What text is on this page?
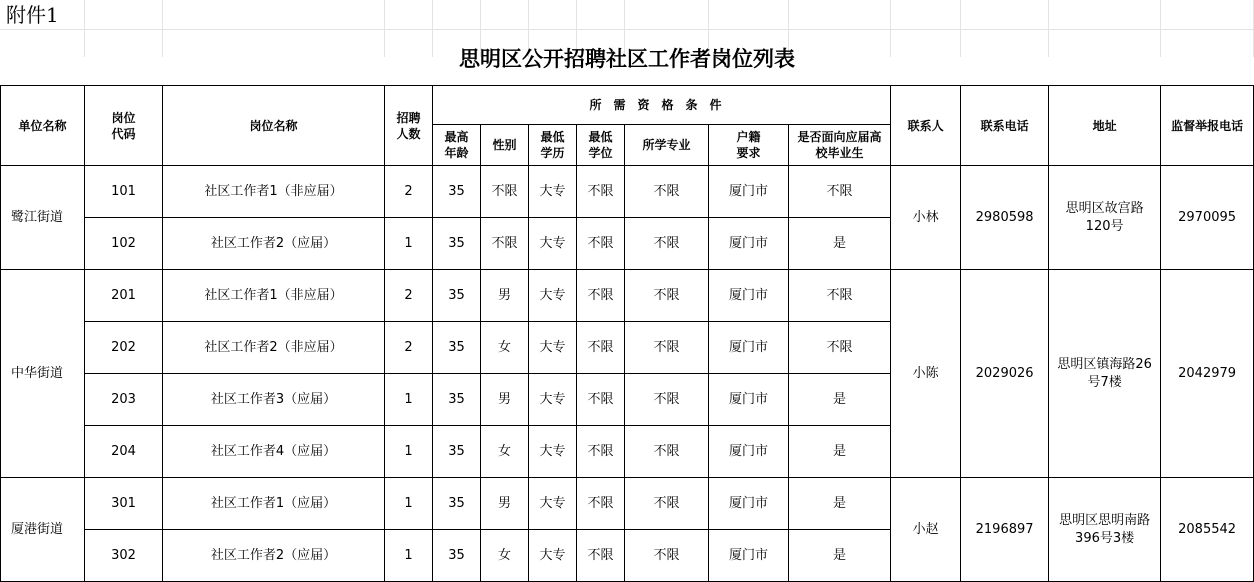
附件1
思明区公开招聘社区工作者岗位列表
单位名称	岗位代码	岗位名称	招聘人数	所需资格条件							联系人	联系电话	地址	监督举报电话
				最高年龄	性别	最低学历	最低学位	所学专业	户籍要求	是否面向应届高校毕业生				
鹭江街道	101	社区工作者1（非应届）	2	35	不限	大专	不限	不限	厦门市	不限	小林	2980598	思明区故宫路120号	2970095
	102	社区工作者2（应届）	1	35	不限	大专	不限	不限	厦门市	是				
中华街道	201	社区工作者1（非应届）	2	35	男	大专	不限	不限	厦门市	不限	小陈	2029026	思明区镇海路26号7楼	2042979
	202	社区工作者2（非应届）	2	35	女	大专	不限	不限	厦门市	不限				
	203	社区工作者3（应届）	1	35	男	大专	不限	不限	厦门市	是				
	204	社区工作者4（应届）	1	35	女	大专	不限	不限	厦门市	是				
厦港街道	301	社区工作者1（应届）	1	35	男	大专	不限	不限	厦门市	是	小赵	2196897	思明区思明南路396号3楼	2085542
	302	社区工作者2（应届）	1	35	女	大专	不限	不限	厦门市	是				
